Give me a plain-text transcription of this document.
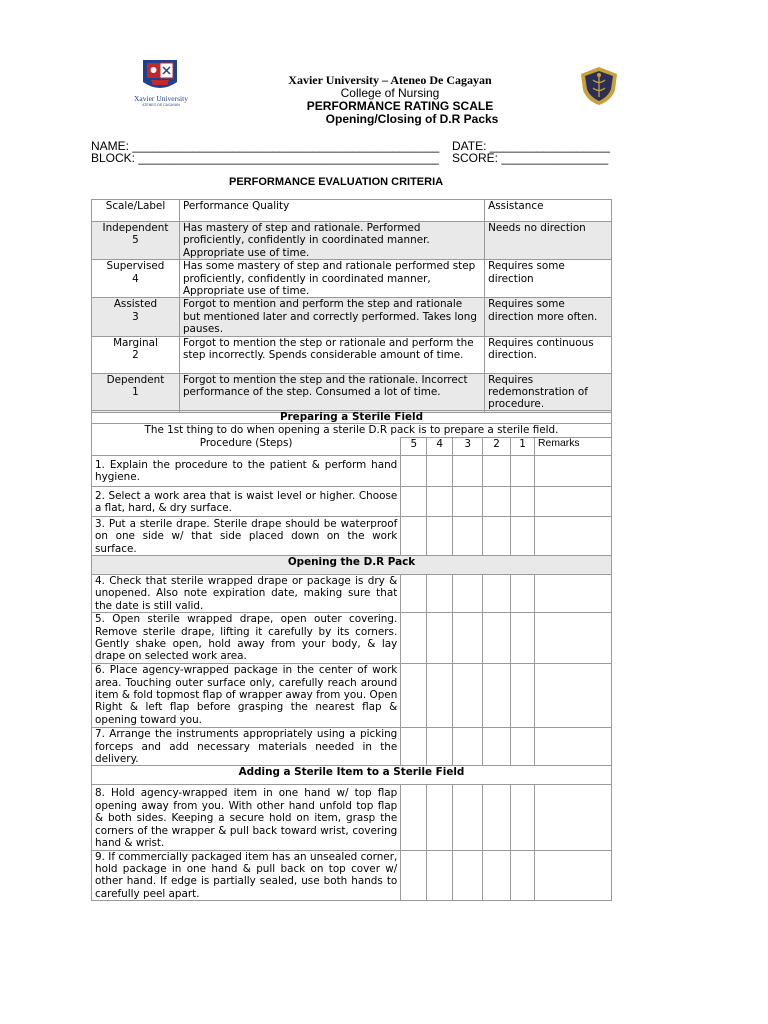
Xavier University
ATENEO DE CAGAYAN
Xavier University – Ateneo De Cagayan
College of Nursing
PERFORMANCE RATING SCALE
Opening/Closing of D.R Packs
NAME: ______________________________________________ DATE: __________________
BLOCK: _____________________________________________ SCORE: ________________
PERFORMANCE EVALUATION CRITERIA
Scale/Label	Performance Quality	Assistance

Independent
5	Has mastery of step and rationale. Performed proficiently, confidently in coordinated manner. Appropriate use of time.	Needs no direction

Supervised
4	Has some mastery of step and rationale performed step proficiently, confidently in coordinated manner, Appropriate use of time.	Requires some direction

Assisted
3	Forgot to mention and perform the step and rationale but mentioned later and correctly performed. Takes long pauses.	Requires some direction more often.

Marginal
2	Forgot to mention the step or rationale and perform the step incorrectly. Spends considerable amount of time.	Requires continuous direction.

Dependent
1	Forgot to mention the step and the rationale. Incorrect performance of the step. Consumed a lot of time.	Requires redemonstration of procedure.
Preparing a Sterile Field						
The 1st thing to do when opening a sterile D.R pack is to prepare a sterile field.						
Procedure (Steps)	5	4	3	2	1	Remarks
1. Explain the procedure to the patient & perform hand hygiene.						
2. Select a work area that is waist level or higher. Choose a flat, hard, & dry surface.						
3. Put a sterile drape. Sterile drape should be waterproof on one side w/ that side placed down on the work surface.						
Opening the D.R Pack						
4. Check that sterile wrapped drape or package is dry & unopened. Also note expiration date, making sure that the date is still valid.						
5. Open sterile wrapped drape, open outer covering. Remove sterile drape, lifting it carefully by its corners. Gently shake open, hold away from your body, & lay drape on selected work area.						
6. Place agency-wrapped package in the center of work area. Touching outer surface only, carefully reach around item & fold topmost flap of wrapper away from you. Open Right & left flap before grasping the nearest flap & opening toward you.						
7. Arrange the instruments appropriately using a picking forceps and add necessary materials needed in the delivery.						
Adding a Sterile Item to a Sterile Field						
8. Hold agency-wrapped item in one hand w/ top flap opening away from you. With other hand unfold top flap & both sides. Keeping a secure hold on item, grasp the corners of the wrapper & pull back toward wrist, covering hand & wrist.						
9. If commercially packaged item has an unsealed corner, hold package in one hand & pull back on top cover w/ other hand. If edge is partially sealed, use both hands to carefully peel apart.						
